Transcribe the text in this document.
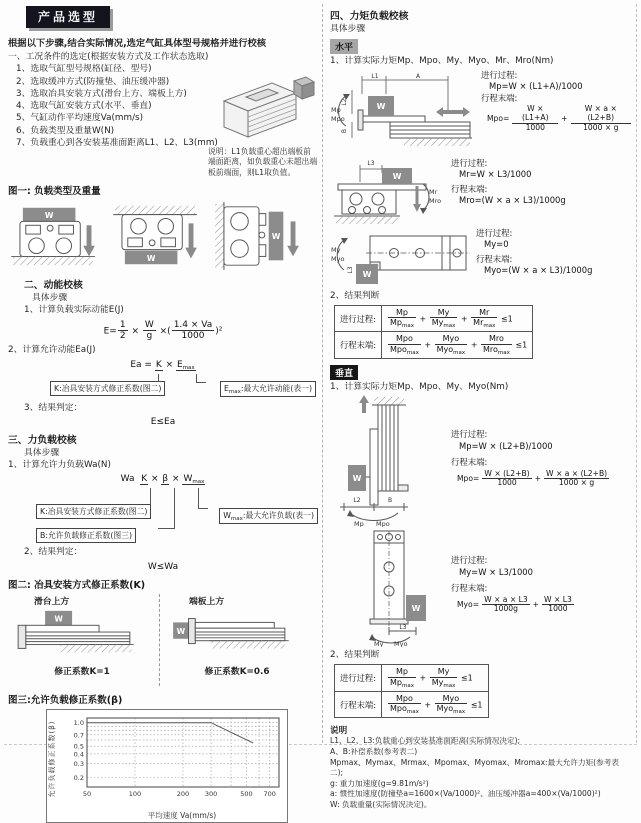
产品选型
根据以下步骤,结合实际情况,选定气缸具体型号规格并进行校核
一、工况条件的选定(根据安装方式及工作状态选取)
1、选取气缸型号规格(缸径、型号)
2、选取缓冲方式(防撞垫、油压缓冲器)
3、选取冶具安装方式(滑台上方、端板上方)
4、选取气缸安装方式(水平、垂直)
5、气缸动作平均速度Va(mm/s)
6、负载类型及重量W(N)
7、负载重心到各安装基准面距离L1、L2、L3(mm)
说明：L1负载重心超出端板前端面距离，如负载重心未超出端板前端面，则L1取负值。
图一: 负载类型及重量
W
W
W
二、动能校核
具体步骤
1、计算负载实际动能E(J)
$E= \frac{1}{2} \times \frac{W}{g}$ ×( $\frac{1.4 \times Va}{1000} )^2$
2、计算允许动能Ea(J)
$Ea = K \times E_{max}$
K:冶具安装方式修正系数(图二)	$E_{max}$:最大允许动能(表一)
3、结果判定：
E≤Ea
三、力负载校核
具体步骤
1、计算允许力负载Wa(N)
Wa $K \times \beta \times W_{max}$
K:冶具安装方式修正系数(图二)	$W_{max}$:最大允许负载(表一)
B:允许负载修正系数(图三)
2、结果判定：
W≤Wa
图二: 冶具安装方式修正系数(K)
滑台上方
W
修正系数K=1
端板上方
W
修正系数K=0.6
图三:允许负载修正系数(β)
允许负载修正系数(β)	50	100	200 300	500 700
1.0
0.7
0.5
0.4
0.3
0.2
平均速度 Va(mm/s)
四、力矩负载校核
具体步骤
水平
1、计算实际力矩Mp、Mpo、My、Myo、Mr、Mro(Nm)
L1	A
L2
B
W
Mp
Mpo
进行过程:
Mp=W × (L1+A)/1000
行程末端:
$Mpo= \frac{W \times (L1+A)}{1000} + \frac{W \times a \times (L2+B)}{1000 \times g}$
L3
W
Mr
Mro
进行过程:
Mr=W × L3/1000
行程末端:
Mro=(W × a × L3)/1000g
W
L3
My
Myo
进行过程:
My=0
行程末端:
Myo=(W × a × L3)/1000g
2、结果判断
进行过程:	
Mp
$Mp_{max}$
+
My
$My_{max}$
+
Mr
$Mr_{max}$
≤1
行程末端:	
Mpo
Mpo$_{max}$
+
Myo
Myo$_{max}$
+
Mro
Mro$_{max}$
≤1
垂直
1、计算实际力矩Mp、Mpo、My、Myo(Nm)
W
L2	B
Mp Mpo
进行过程:
Mp=W × (L2+B)/1000
行程末端:
$Mpo= \frac{W \times (L2+B)}{1000} + \frac{W \times a \times (L2+B)}{1000 \times g}$
W
L3
My Myo
进行过程:
My=W × L3/1000
行程末端:
$Myo= \frac{W \times a \times L3}{1000g} + \frac{W \times L3}{1000}$
2、结果判断
进行过程:	
Mp
$Mp_{max}$
+
My
$My_{max}$
≤1
行程末端:	
Mpo
Mpo$_{max}$
+
Myo
Myo$_{max}$
≤1
说明
L1、L2、L3:负载重心到安装基准面距离(实际情况决定);
A、B:补偿系数(参考表二)
Mpmax、Mymax、Mrmax、Mpomax、Myomax、Mromax:最大允许力矩(参考表二);
g: 重力加速度(g=9.81m/s²)
a: 惯性加速度(防撞垫a=1600×(Va/1000)²、油压缓冲器a=400×(Va/1000)²)
W: 负载重量(实际情况决定)。
